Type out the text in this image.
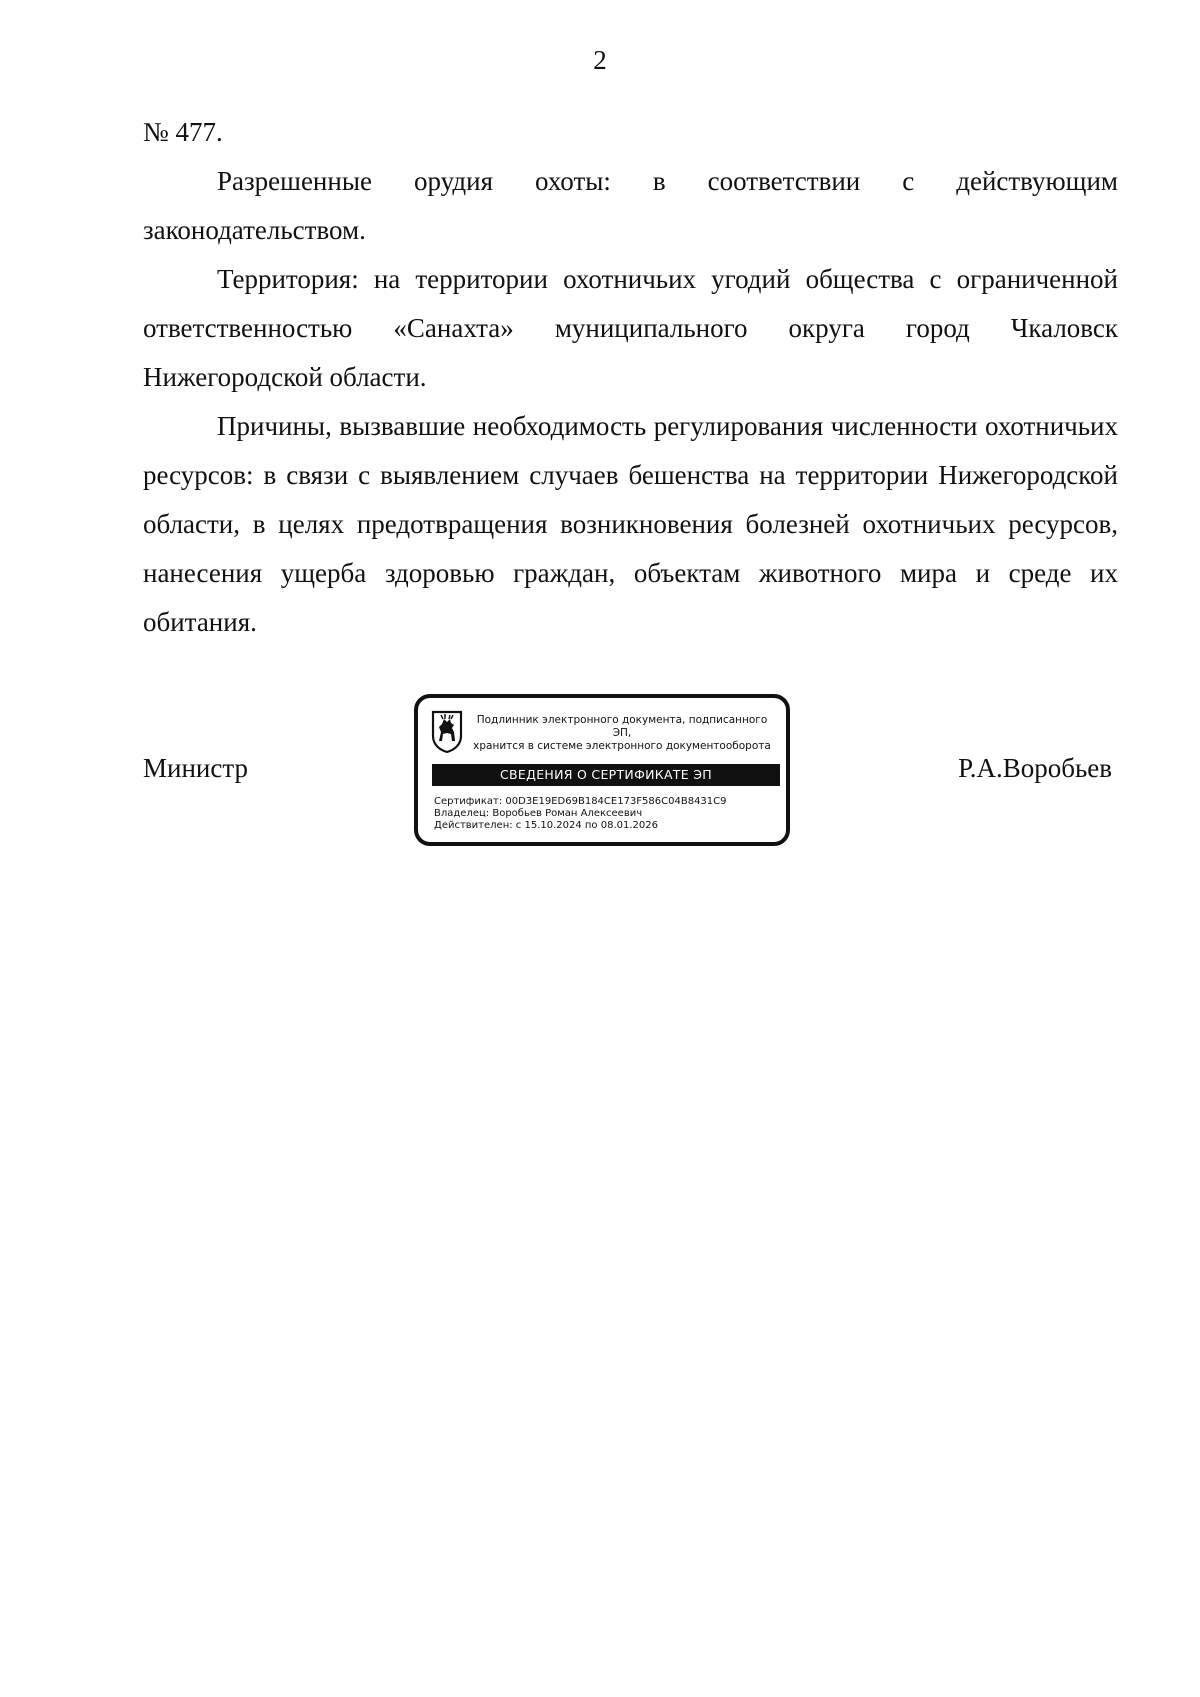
2

№ 477.

Разрешенные орудия охоты: в соответствии с действующим законодательством.

Территория: на территории охотничьих угодий общества с ограниченной ответственностью «Санахта» муниципального округа город Чкаловск Нижегородской области.

Причины, вызвавшие необходимость регулирования численности охотничьих ресурсов: в связи с выявлением случаев бешенства на территории Нижегородской области, в целях предотвращения возникновения болезней охотничьих ресурсов, нанесения ущерба здоровью граждан, объектам животного мира и среде их обитания.

Министр
Подлинник электронного документа, подписанного ЭП,
хранится в системе электронного документооборота
СВЕДЕНИЯ О СЕРТИФИКАТЕ ЭП
Сертификат: 00D3E19ED69B184CE173F586C04B8431C9
Владелец: Воробьев Роман Алексеевич
Действителен: с 15.10.2024 по 08.01.2026
Р.А.Воробьев
